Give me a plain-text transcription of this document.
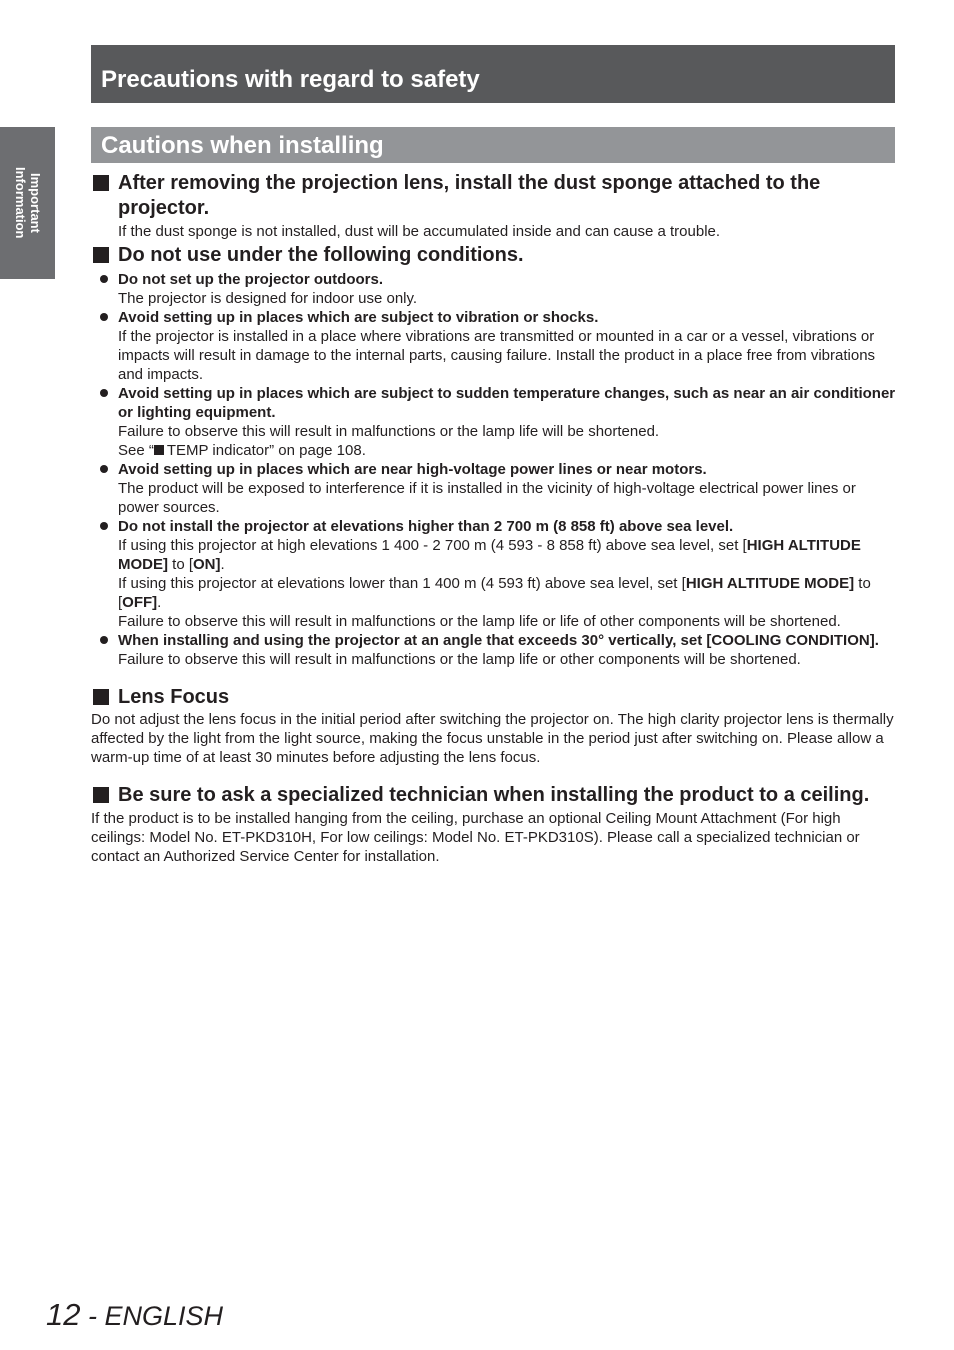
Precautions with regard to safety
Important
Information
Cautions when installing

After removing the projection lens, install the dust sponge attached to the projector.

If the dust sponge is not installed, dust will be accumulated inside and can cause a trouble.

Do not use under the following conditions.

Do not set up the projector outdoors.
The projector is designed for indoor use only.
Avoid setting up in places which are subject to vibration or shocks.
If the projector is installed in a place where vibrations are transmitted or mounted in a car or a vessel, vibrations or impacts will result in damage to the internal parts, causing failure. Install the product in a place free from vibrations and impacts.
Avoid setting up in places which are subject to sudden temperature changes, such as near an air conditioner or lighting equipment.
Failure to observe this will result in malfunctions or the lamp life will be shortened.
See “ TEMP indicator” on page 108.
Avoid setting up in places which are near high-voltage power lines or near motors.
The product will be exposed to interference if it is installed in the vicinity of high-voltage electrical power lines or power sources.
Do not install the projector at elevations higher than 2 700 m (8 858 ft) above sea level.
If using this projector at high elevations 1 400 - 2 700 m (4 593 - 8 858 ft) above sea level, set [HIGH ALTITUDE MODE] to [ON].
If using this projector at elevations lower than 1 400 m (4 593 ft) above sea level, set [HIGH ALTITUDE MODE] to [OFF].
Failure to observe this will result in malfunctions or the lamp life or life of other components will be shortened.
When installing and using the projector at an angle that exceeds 30° vertically, set [COOLING CONDITION].
Failure to observe this will result in malfunctions or the lamp life or other components will be shortened.

Lens Focus

Do not adjust the lens focus in the initial period after switching the projector on. The high clarity projector lens is thermally affected by the light from the light source, making the focus unstable in the period just after switching on. Please allow a warm-up time of at least 30 minutes before adjusting the lens focus.

Be sure to ask a specialized technician when installing the product to a ceiling.

If the product is to be installed hanging from the ceiling, purchase an optional Ceiling Mount Attachment (For high ceilings: Model No. ET-PKD310H, For low ceilings: Model No. ET-PKD310S). Please call a specialized technician or contact an Authorized Service Center for installation.

12 - ENGLISH
